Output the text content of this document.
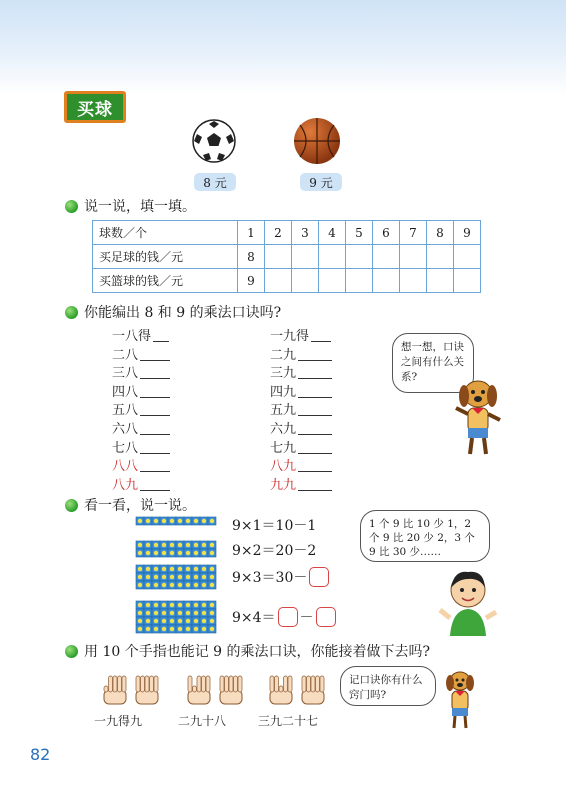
买球
8 元	9 元
说一说，填一填。
球数／个	1	2	3	4	5	6	7	8	9
买足球的钱／元	8								
买篮球的钱／元	9								
你能编出 8 和 9 的乘法口诀吗?
一八得	一九得
二八	二九
三八	三九
四八	四九
五八	五九
六八	六九
七八	七九
八八	八九
八九	九九
想一想，口诀之间有什么关系?
看一看，说一说。
9×1＝10－1
9×2＝20－2
9×3＝30－
9×4＝ －
1 个 9 比 10 少 1，2 个 9 比 20 少 2，3 个 9 比 30 少……
用 10 个手指也能记 9 的乘法口诀，你能接着做下去吗?
一九得九	二九十八	三九二十七
记口诀你有什么窍门吗?
82
